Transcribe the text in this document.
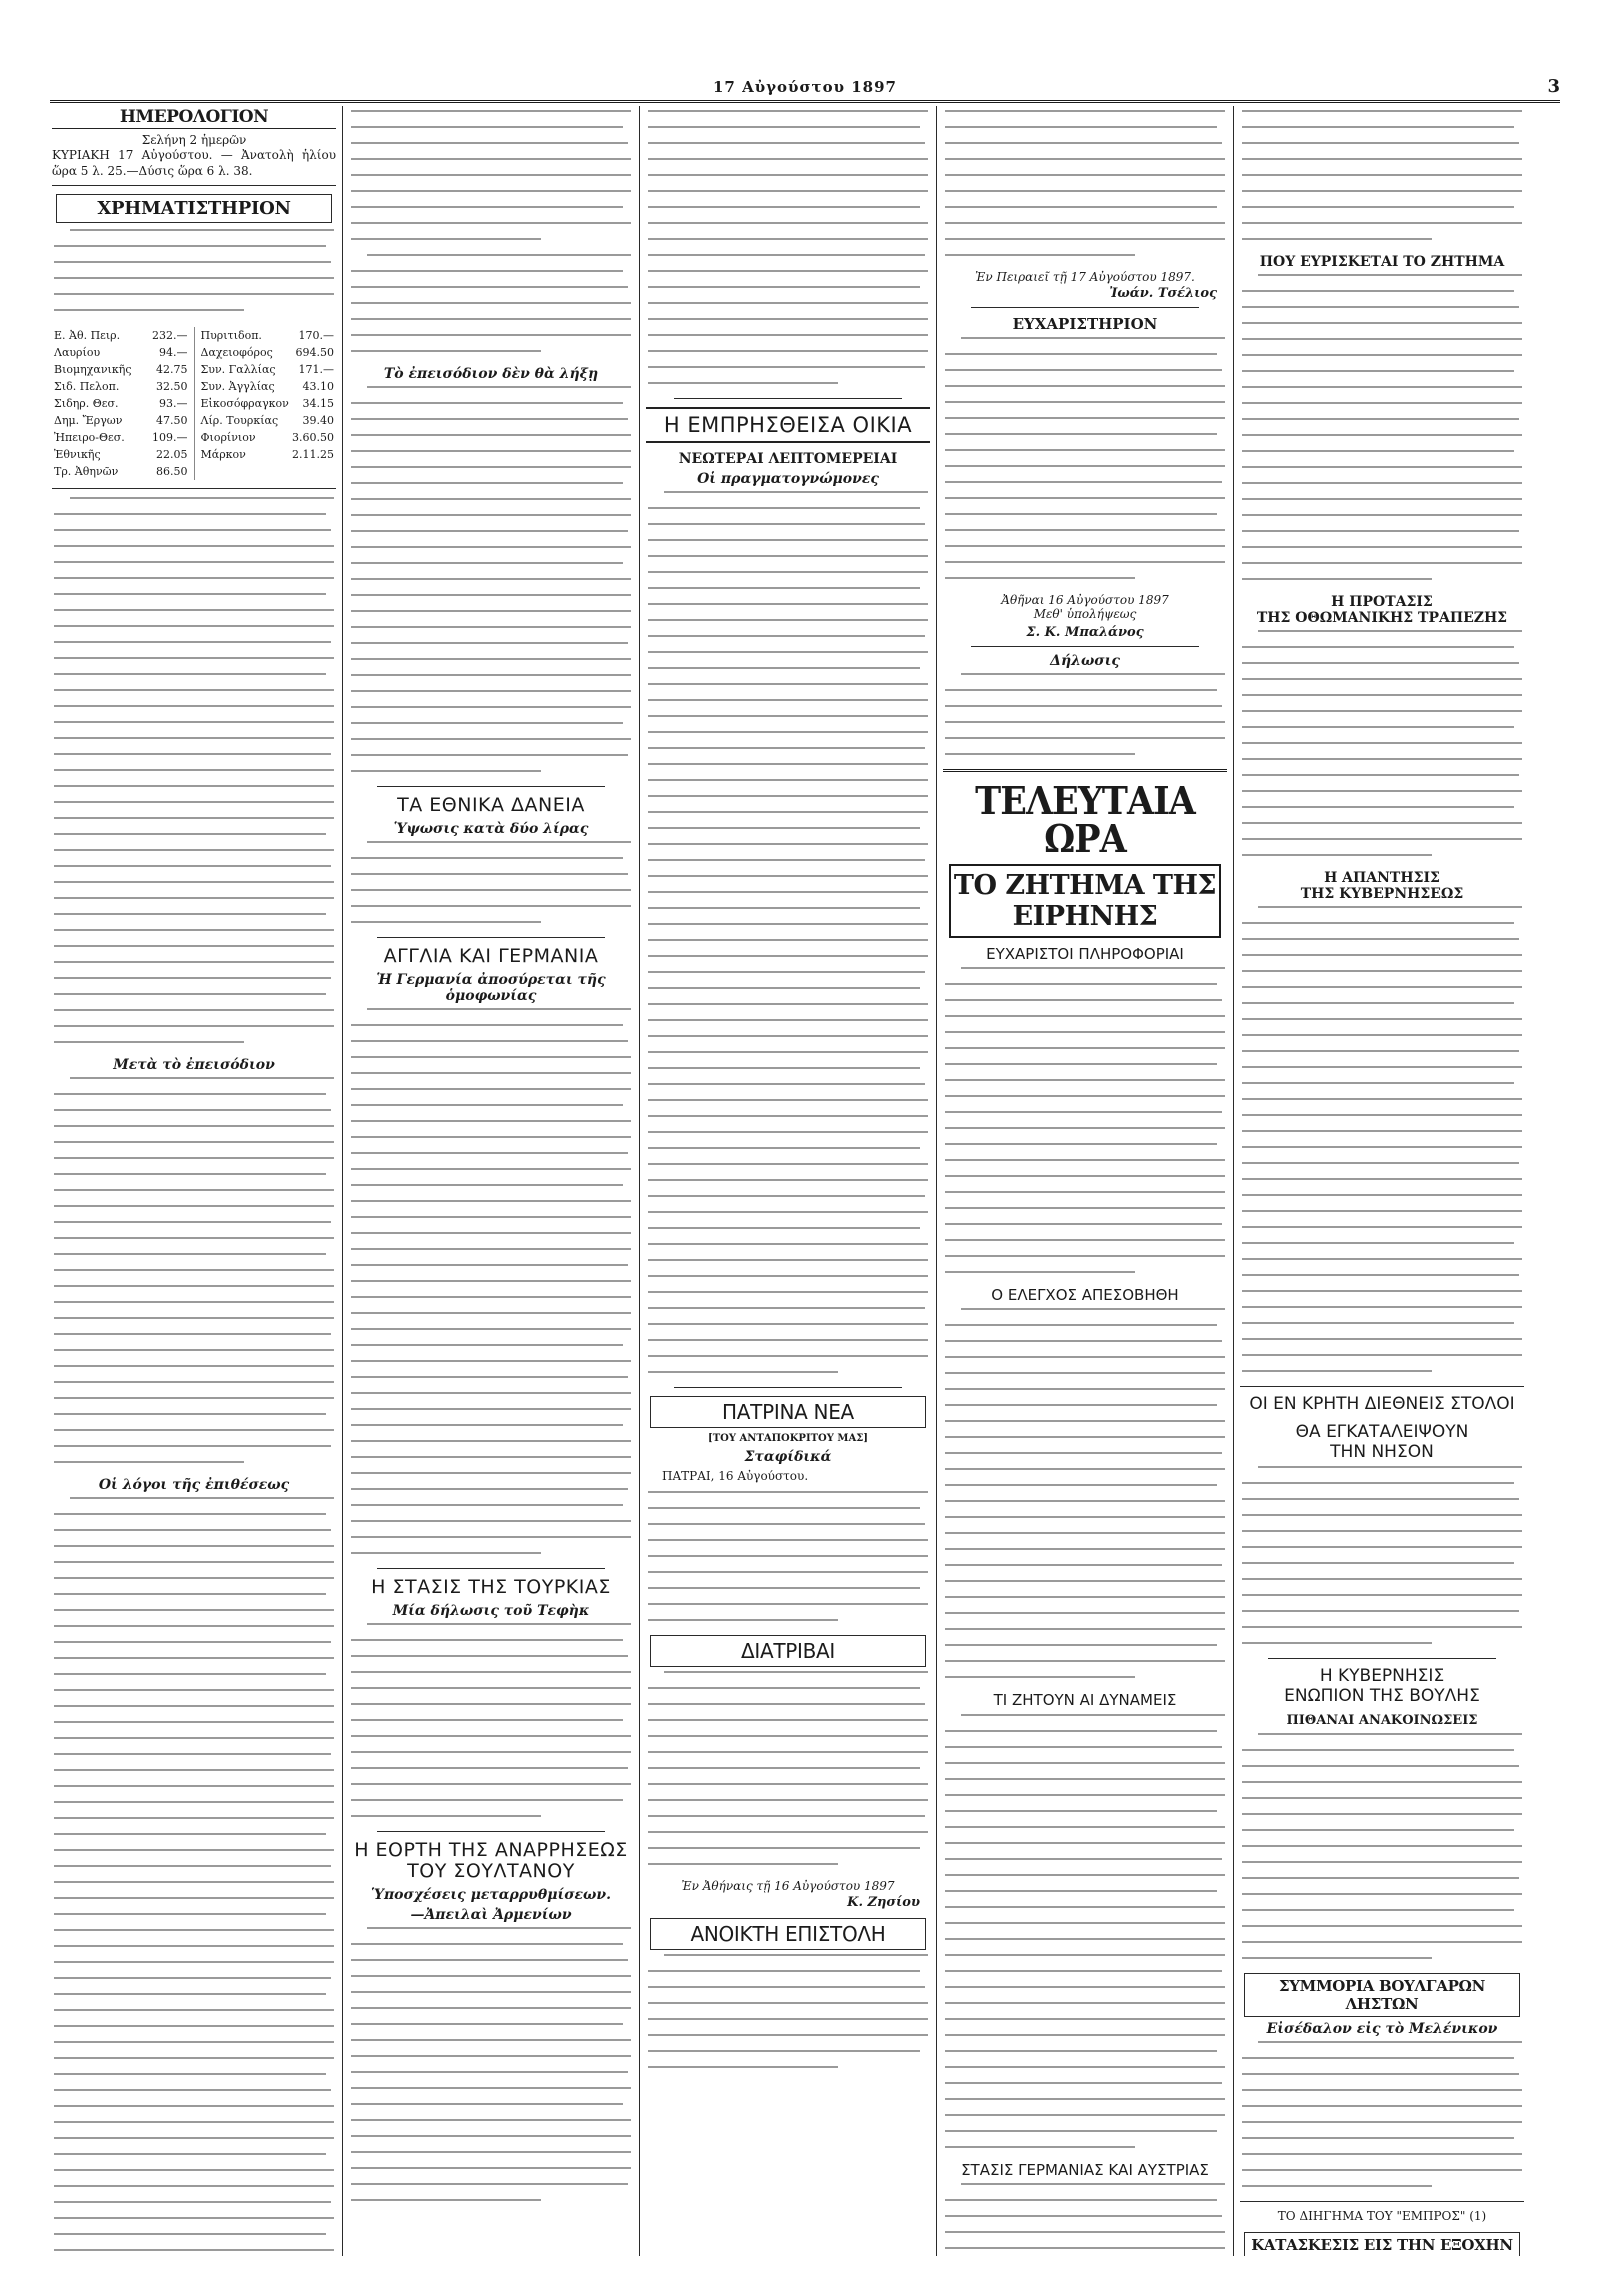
17 Αὐγούστου 1897	3
ΗΜΕΡΟΛΟΓΙΟΝ
Σελήνη 2 ἡμερῶν
ΚΥΡΙΑΚΗ 17 Αὐγούστου. — Ἀνατολὴ ἡλίου ὥρα 5 λ. 25.—Δύσις ὥρα 6 λ. 38.
ΧΡΗΜΑΤΙΣΤΗΡΙΟΝ
Ε. Ἀθ. Πειρ.	232.— Πυριτιδοπ.	170.—
Λαυρίου	94.— Δαχειοφόρος 694.50
Βιομηχανικῆς 42.75 Συν. Γαλλίας 171.—
Σιδ. Πελοπ.	32.50 Συν. Ἀγγλίας	43.10
Σιδηρ. Θεσ.	93.— Εἰκοσόφραγκον 34.15
Δημ. Ἔργων	47.50 Λίρ. Τουρκίας 39.40
Ἠπειρο-Θεσ. 109.— Φιορίνιον	3.60.50
Ἐθνικῆς	22.05 Μάρκον	2.11.25
Τρ. Ἀθηνῶν	86.50
Μετὰ τὸ ἐπεισόδιον
Οἱ λόγοι τῆς ἐπιθέσεως
Τὸ ἐπεισόδιον δὲν θὰ λήξῃ
ΤΑ ΕΘΝΙΚΑ ΔΑΝΕΙΑ
Ὑψωσις κατὰ δύο λίρας
ΑΓΓΛΙΑ ΚΑΙ ΓΕΡΜΑΝΙΑ
Ἡ Γερμανία ἀποσύρεται τῆς ὁμοφωνίας
Η ΣΤΑΣΙΣ ΤΗΣ ΤΟΥΡΚΙΑΣ
Μία δήλωσις τοῦ Τεφὴκ
Η ΕΟΡΤΗ ΤΗΣ ΑΝΑΡΡΗΣΕΩΣ ΤΟΥ ΣΟΥΛΤΑΝΟΥ
Ὑποσχέσεις μεταρρυθμίσεων.
—Ἀπειλαὶ Ἀρμενίων
Η ΕΜΠΡΗΣΘΕΙΣΑ ΟΙΚΙΑ
ΝΕΩΤΕΡΑΙ ΛΕΠΤΟΜΕΡΕΙΑΙ
Οἱ πραγματογνώμονες
ΠΑΤΡΙΝΑ ΝΕΑ
[ΤΟΥ ΑΝΤΑΠΟΚΡΙΤΟΥ ΜΑΣ]
Σταφίδικά
ΠΑΤΡΑΙ, 16 Αὐγούστου.
ΔΙΑΤΡΙΒΑΙ
Ἐν Ἀθήναις τῇ 16 Αὐγούστου 1897
Κ. Ζησίου
ΑΝΟΙΚΤΗ ΕΠΙΣΤΟΛΗ
Ἐν Πειραιεῖ τῇ 17 Αὐγούστου 1897.
Ἰωάν. Τσέλιος
ΕΥΧΑΡΙΣΤΗΡΙΟΝ
Ἀθῆναι 16 Αὐγούστου 1897
Μεθ' ὑπολήψεως
Σ. Κ. Μπαλάνος
Δήλωσις
ΤΕΛΕΥΤΑΙΑ ΩΡΑ
ΤΟ ΖΗΤΗΜΑ ΤΗΣ ΕΙΡΗΝΗΣ
ΕΥΧΑΡΙΣΤΟΙ ΠΛΗΡΟΦΟΡΙΑΙ
Ο ΕΛΕΓΧΟΣ ΑΠΕΣΟΒΗΘΗ
ΤΙ ΖΗΤΟΥΝ ΑΙ ΔΥΝΑΜΕΙΣ
ΣΤΑΣΙΣ ΓΕΡΜΑΝΙΑΣ ΚΑΙ ΑΥΣΤΡΙΑΣ
ΠΟΥ ΕΥΡΙΣΚΕΤΑΙ ΤΟ ΖΗΤΗΜΑ
Η ΠΡΟΤΑΣΙΣ
ΤΗΣ ΟΘΩΜΑΝΙΚΗΣ ΤΡΑΠΕΖΗΣ
Η ΑΠΑΝΤΗΣΙΣ
ΤΗΣ ΚΥΒΕΡΝΗΣΕΩΣ
ΟΙ ΕΝ ΚΡΗΤΗ ΔΙΕΘΝΕΙΣ ΣΤΟΛΟΙ
ΘΑ ΕΓΚΑΤΑΛΕΙΨΟΥΝ
ΤΗΝ ΝΗΣΟΝ
Η ΚΥΒΕΡΝΗΣΙΣ
ΕΝΩΠΙΟΝ ΤΗΣ ΒΟΥΛΗΣ
ΠΙΘΑΝΑΙ ΑΝΑΚΟΙΝΩΣΕΙΣ
ΣΥΜΜΟΡΙΑ ΒΟΥΛΓΑΡΩΝ ΛΗΣΤΩΝ
Εἰσέδαλον εἰς τὸ Μελένικον
ΤΟ ΔΙΗΓΗΜΑ ΤΟΥ "ΕΜΠΡΟΣ" (1)
ΚΑΤΑΣΚΕΣΙΣ ΕΙΣ ΤΗΝ ΕΞΟΧΗΝ
